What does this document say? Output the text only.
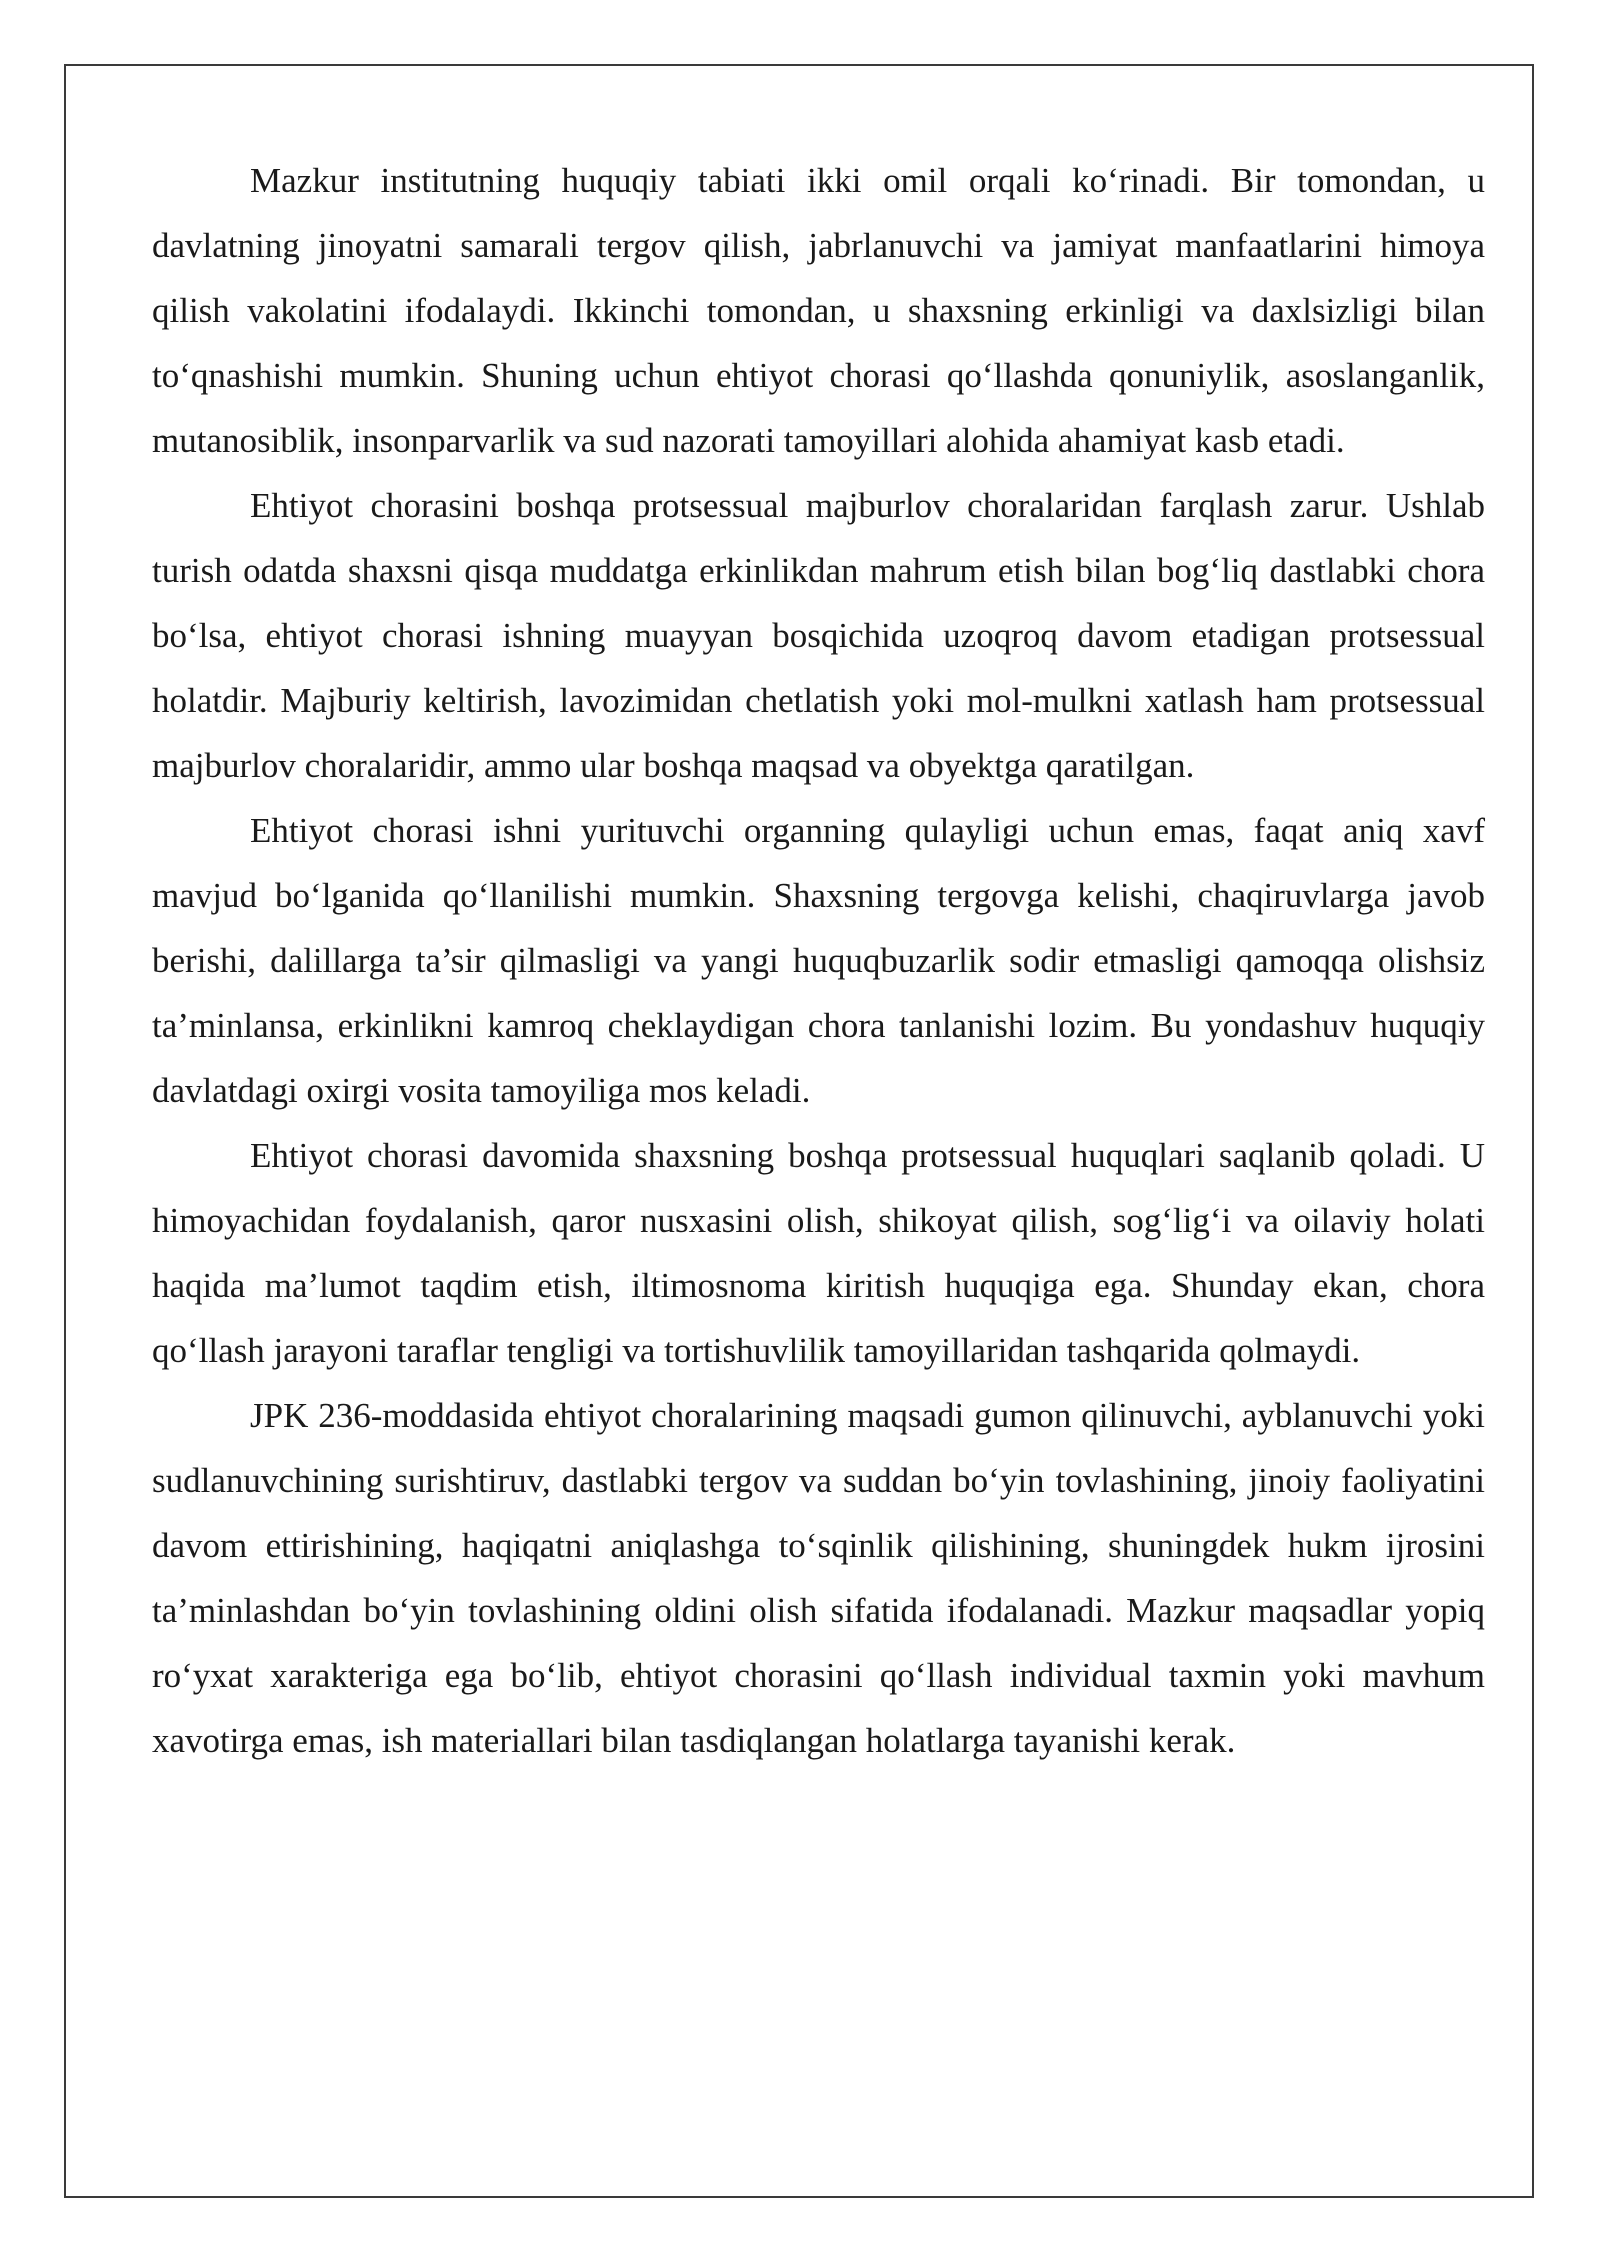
Mazkur institutning huquqiy tabiati ikki omil orqali ko‘rinadi. Bir tomondan, u davlatning jinoyatni samarali tergov qilish, jabrlanuvchi va jamiyat manfaatlarini himoya qilish vakolatini ifodalaydi. Ikkinchi tomondan, u shaxsning erkinligi va daxlsizligi bilan to‘qnashishi mumkin. Shuning uchun ehtiyot chorasi qo‘llashda qonuniylik, asoslanganlik, mutanosiblik, insonparvarlik va sud nazorati tamoyillari alohida ahamiyat kasb etadi.

Ehtiyot chorasini boshqa protsessual majburlov choralaridan farqlash zarur. Ushlab turish odatda shaxsni qisqa muddatga erkinlikdan mahrum etish bilan bog‘liq dastlabki chora bo‘lsa, ehtiyot chorasi ishning muayyan bosqichida uzoqroq davom etadigan protsessual holatdir. Majburiy keltirish, lavozimidan chetlatish yoki mol-mulkni xatlash ham protsessual majburlov choralaridir, ammo ular boshqa maqsad va obyektga qaratilgan.

Ehtiyot chorasi ishni yurituvchi organning qulayligi uchun emas, faqat aniq xavf mavjud bo‘lganida qo‘llanilishi mumkin. Shaxsning tergovga kelishi, chaqiruvlarga javob berishi, dalillarga ta’sir qilmasligi va yangi huquqbuzarlik sodir etmasligi qamoqqa olishsiz ta’minlansa, erkinlikni kamroq cheklaydigan chora tanlanishi lozim. Bu yondashuv huquqiy davlatdagi oxirgi vosita tamoyiliga mos keladi.

Ehtiyot chorasi davomida shaxsning boshqa protsessual huquqlari saqlanib qoladi. U himoyachidan foydalanish, qaror nusxasini olish, shikoyat qilish, sog‘lig‘i va oilaviy holati haqida ma’lumot taqdim etish, iltimosnoma kiritish huquqiga ega. Shunday ekan, chora qo‘llash jarayoni taraflar tengligi va tortishuvlilik tamoyillaridan tashqarida qolmaydi.

JPK 236-moddasida ehtiyot choralarining maqsadi gumon qilinuvchi, ayblanuvchi yoki sudlanuvchining surishtiruv, dastlabki tergov va suddan bo‘yin tovlashining, jinoiy faoliyatini davom ettirishining, haqiqatni aniqlashga to‘sqinlik qilishining, shuningdek hukm ijrosini ta’minlashdan bo‘yin tovlashining oldini olish sifatida ifodalanadi. Mazkur maqsadlar yopiq ro‘yxat xarakteriga ega bo‘lib, ehtiyot chorasini qo‘llash individual taxmin yoki mavhum xavotirga emas, ish materiallari bilan tasdiqlangan holatlarga tayanishi kerak.
